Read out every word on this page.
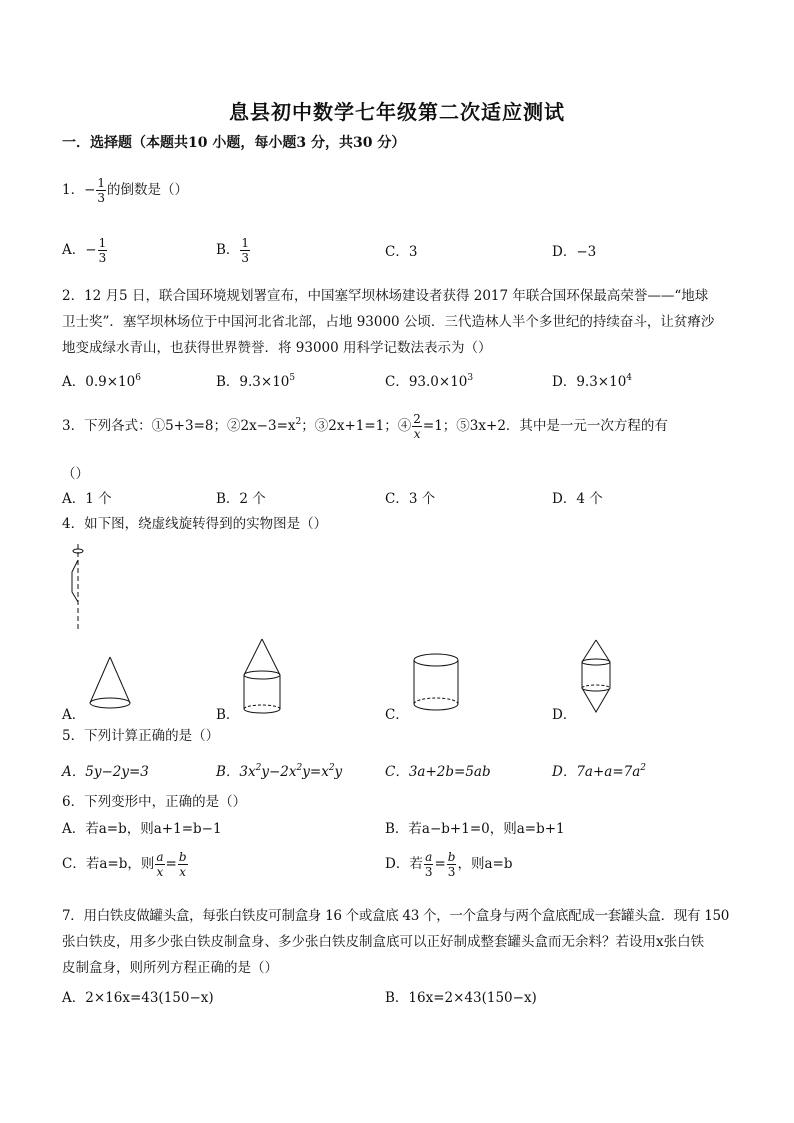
息县初中数学七年级第二次适应测试
一．选择题（本题共10 小题，每小题3 分，共30 分）
1．− $\frac{1}{3}$ 的倒数是（）
A．− $\frac{1}{3}$	B． $\frac{1}{3}$	C．3	D．−3
2．12 月5 日，联合国环境规划署宣布，中国塞罕坝林场建设者获得 2017 年联合国环保最高荣誉——“地球
卫士奖”．塞罕坝林场位于中国河北省北部，占地 93000 公顷．三代造林人半个多世纪的持续奋斗，让贫瘠沙
地变成绿水青山，也获得世界赞誉．将 93000 用科学记数法表示为（）
A．$0.9\times 10^6$	B．$9.3\times 10^5$	C．$93.0\times 10^3$	D．$9.3\times 10^4$
3．下列各式：①5+3=8；$②2x-3=x^2$；③2x+1=1；④ $\frac{2}{x} =1$；⑤3x+2．其中是一元一次方程的有
（）
A．1 个	B．2 个	C．3 个	D．4 个
4．如下图，绕虚线旋转得到的实物图是（）
A．	B．	C．	D．
5．下列计算正确的是（）
A．5y−2y=3	B．$3x^2y-2x^2y=x^2y$	C．3a+2b=5ab	D．$7a+a=7a^2$
6．下列变形中，正确的是（）
A．若a=b，则a+1=b−1	B．若a−b+1=0，则a=b+1
C．若a=b，则 $\frac{a}{x} = \frac{b}{x}$	D．若 $\frac{a}{3} = \frac{b}{3}$ ，则a=b
7．用白铁皮做罐头盒，每张白铁皮可制盒身 16 个或盒底 43 个，一个盒身与两个盒底配成一套罐头盒．现有 150
张白铁皮，用多少张白铁皮制盒身、多少张白铁皮制盒底可以正好制成整套罐头盒而无余料？若设用x张白铁
皮制盒身，则所列方程正确的是（）
A．2×16x=43(150−x)	B．16x=2×43(150−x)
